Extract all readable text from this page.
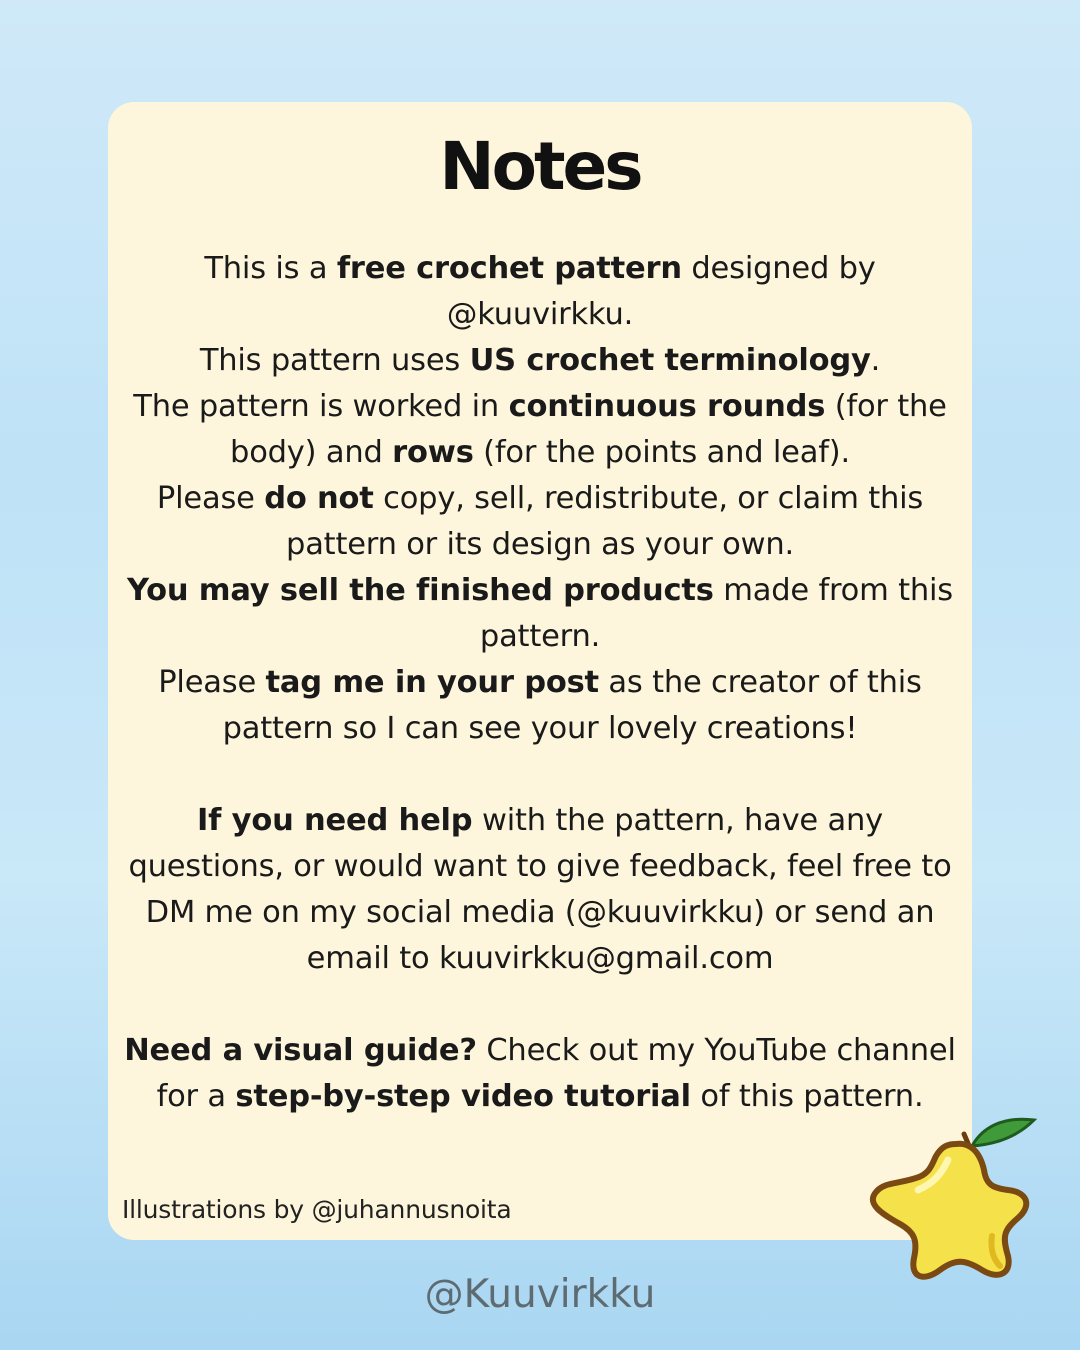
Notes

This is a free crochet pattern designed by @kuuvirkku.

This pattern uses US crochet terminology.

The pattern is worked in continuous rounds (for the body) and rows (for the points and leaf).

Please do not copy, sell, redistribute, or claim this pattern or its design as your own.

You may sell the finished products made from this pattern.

Please tag me in your post as the creator of this pattern so I can see your lovely creations!

If you need help with the pattern, have any questions, or would want to give feedback, feel free to DM me on my social media (@kuuvirkku) or send an email to kuuvirkku@gmail.com

Need a visual guide? Check out my YouTube channel for a step-by-step video tutorial of this pattern.

Illustrations by @juhannusnoita
@Kuuvirkku
